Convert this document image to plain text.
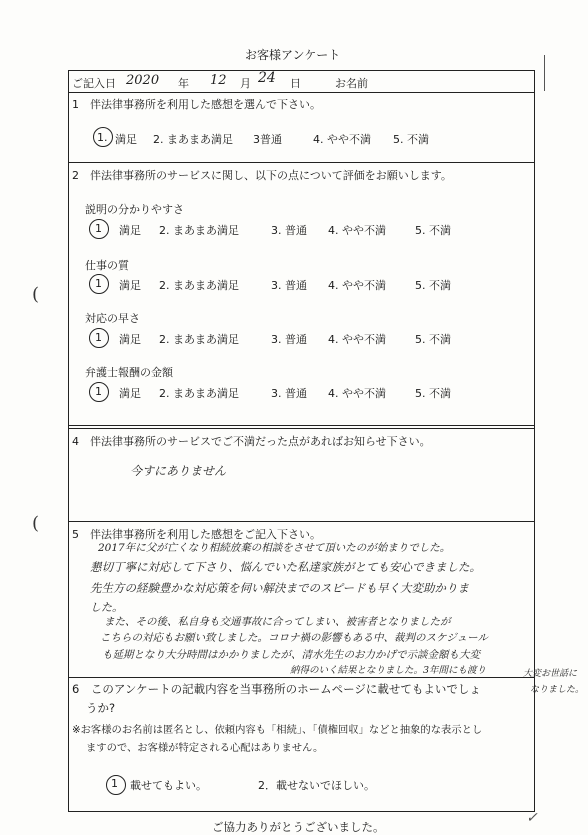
お客様アンケート
(
(
✓
ご記入日 2020 年 12 月 24 日	お名前
1　伴法律事務所を利用した感想を選んで下さい。
1. 満足 2. まあまあ満足 3普通	4. やや不満 5. 不満
2　伴法律事務所のサービスに関し、以下の点について評価をお願いします。
説明の分かりやすさ
1 満足 2. まあまあ満足	3. 普通 4. やや不満	5. 不満
仕事の質
1 満足 2. まあまあ満足	3. 普通 4. やや不満	5. 不満
対応の早さ
1 満足 2. まあまあ満足	3. 普通 4. やや不満	5. 不満
弁護士報酬の金額
1 満足 2. まあまあ満足	3. 普通 4. やや不満	5. 不満
4　伴法律事務所のサービスでご不満だった点があればお知らせ下さい。
今すにありません
5　伴法律事務所を利用した感想をご記入下さい。
2017年に父が亡くなり相続放棄の相談をさせて頂いたのが始まりでした。
懇切丁寧に対応して下さり、悩んでいた私達家族がとても安心できました。
先生方の経験豊かな対応策を伺い解決までのスピードも早く大変助かりま
した。
また、その後、私自身も交通事故に合ってしまい、被害者となりましたが
こちらの対応もお願い致しました。コロナ禍の影響もある中、裁判のスケジュール
も延期となり大分時間はかかりましたが、清水先生のお力かげで示談金額も大変
納得のいく結果となりました。3年間にも渡り	大変お世話に
なりました。
6　このアンケートの記載内容を当事務所のホームページに載せてもよいでしょ
うか?
※お客様のお名前は匿名とし、依頼内容も「相続」、「債権回収」などと抽象的な表示とし
ますので、お客様が特定される心配はありません。
1 載せてもよい。	2．載せないでほしい。
ご協力ありがとうございました。
